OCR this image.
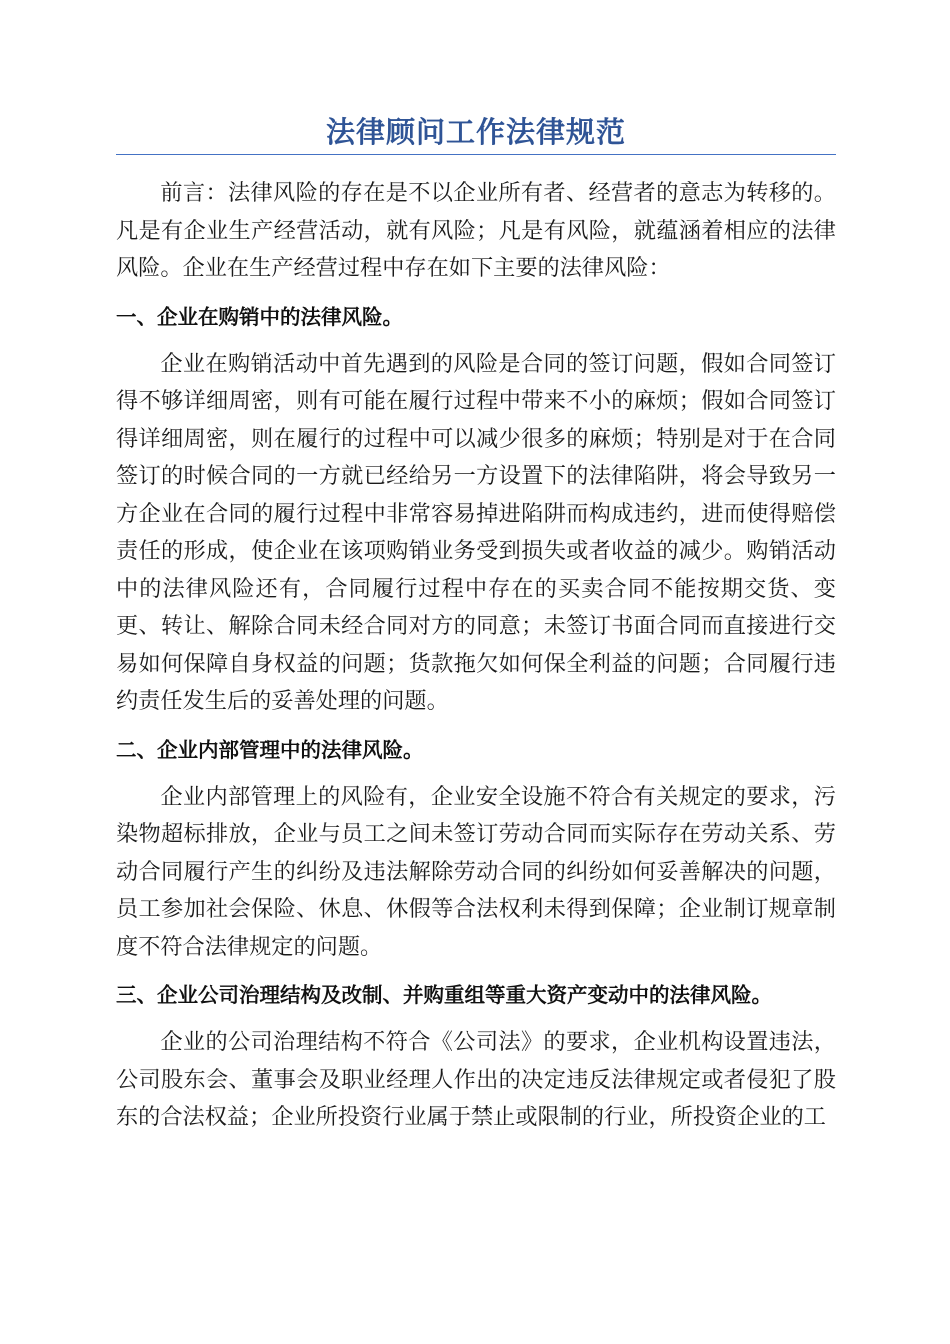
法律顾问工作法律规范

前言：法律风险的存在是不以企业所有者、经营者的意志为转移的。凡是有企业生产经营活动，就有风险；凡是有风险，就蕴涵着相应的法律风险。企业在生产经营过程中存在如下主要的法律风险：

一、企业在购销中的法律风险。

企业在购销活动中首先遇到的风险是合同的签订问题，假如合同签订得不够详细周密，则有可能在履行过程中带来不小的麻烦；假如合同签订得详细周密，则在履行的过程中可以减少很多的麻烦；特别是对于在合同签订的时候合同的一方就已经给另一方设置下的法律陷阱，将会导致另一方企业在合同的履行过程中非常容易掉进陷阱而构成违约，进而使得赔偿责任的形成，使企业在该项购销业务受到损失或者收益的减少。购销活动中的法律风险还有，合同履行过程中存在的买卖合同不能按期交货、变更、转让、解除合同未经合同对方的同意；未签订书面合同而直接进行交易如何保障自身权益的问题；货款拖欠如何保全利益的问题；合同履行违约责任发生后的妥善处理的问题。

二、企业内部管理中的法律风险。

企业内部管理上的风险有，企业安全设施不符合有关规定的要求，污染物超标排放，企业与员工之间未签订劳动合同而实际存在劳动关系、劳动合同履行产生的纠纷及违法解除劳动合同的纠纷如何妥善解决的问题，员工参加社会保险、休息、休假等合法权利未得到保障；企业制订规章制度不符合法律规定的问题。

三、企业公司治理结构及改制、并购重组等重大资产变动中的法律风险。

企业的公司治理结构不符合《公司法》的要求，企业机构设置违法，公司股东会、董事会及职业经理人作出的决定违反法律规定或者侵犯了股东的合法权益；企业所投资行业属于禁止或限制的行业，所投资企业的工
